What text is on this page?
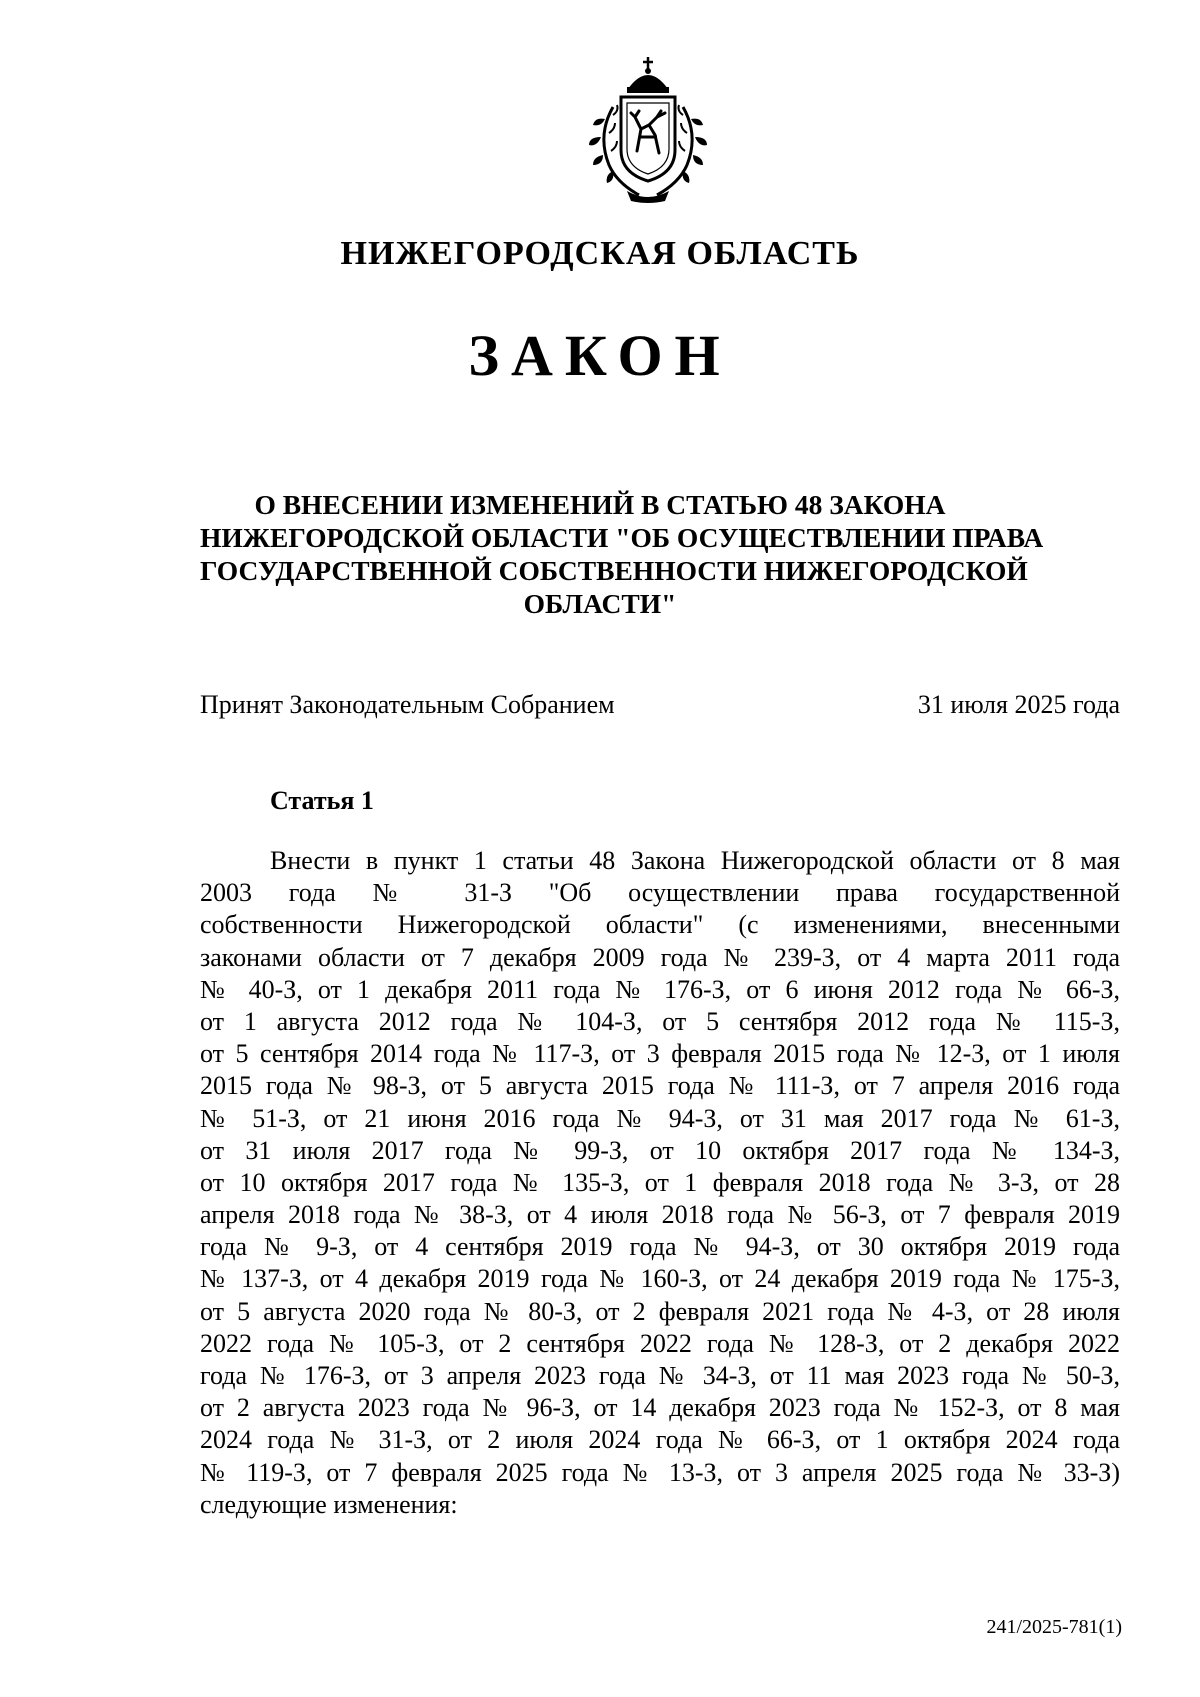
НИЖЕГОРОДСКАЯ ОБЛАСТЬ
ЗАКОН
О ВНЕСЕНИИ ИЗМЕНЕНИЙ В СТАТЬЮ 48 ЗАКОНА
НИЖЕГОРОДСКОЙ ОБЛАСТИ "ОБ ОСУЩЕСТВЛЕНИИ ПРАВА
ГОСУДАРСТВЕННОЙ СОБСТВЕННОСТИ НИЖЕГОРОДСКОЙ
ОБЛАСТИ"
Принят Законодательным Собранием	31 июля 2025 года
Статья 1
Внести в пункт 1 статьи 48 Закона Нижегородской области от 8 мая
2003 года № 31-З "Об осуществлении права государственной
собственности Нижегородской области" (с изменениями, внесенными
законами области от 7 декабря 2009 года № 239-З, от 4 марта 2011 года
№ 40-З, от 1 декабря 2011 года № 176-З, от 6 июня 2012 года № 66-З,
от 1 августа 2012 года № 104-З, от 5 сентября 2012 года № 115-З,
от 5 сентября 2014 года № 117-З, от 3 февраля 2015 года № 12-З, от 1 июля
2015 года № 98-З, от 5 августа 2015 года № 111-З, от 7 апреля 2016 года
№ 51-З, от 21 июня 2016 года № 94-З, от 31 мая 2017 года № 61-З,
от 31 июля 2017 года № 99-З, от 10 октября 2017 года № 134-З,
от 10 октября 2017 года № 135-З, от 1 февраля 2018 года № 3-З, от 28
апреля 2018 года № 38-З, от 4 июля 2018 года № 56-З, от 7 февраля 2019
года № 9-З, от 4 сентября 2019 года № 94-З, от 30 октября 2019 года
№ 137-З, от 4 декабря 2019 года № 160-З, от 24 декабря 2019 года № 175-З,
от 5 августа 2020 года № 80-З, от 2 февраля 2021 года № 4-З, от 28 июля
2022 года № 105-З, от 2 сентября 2022 года № 128-З, от 2 декабря 2022
года № 176-З, от 3 апреля 2023 года № 34-З, от 11 мая 2023 года № 50-З,
от 2 августа 2023 года № 96-З, от 14 декабря 2023 года № 152-З, от 8 мая
2024 года № 31-З, от 2 июля 2024 года № 66-З, от 1 октября 2024 года
№ 119-З, от 7 февраля 2025 года № 13-З, от 3 апреля 2025 года № 33-З)
следующие изменения:
241/2025-781(1)
